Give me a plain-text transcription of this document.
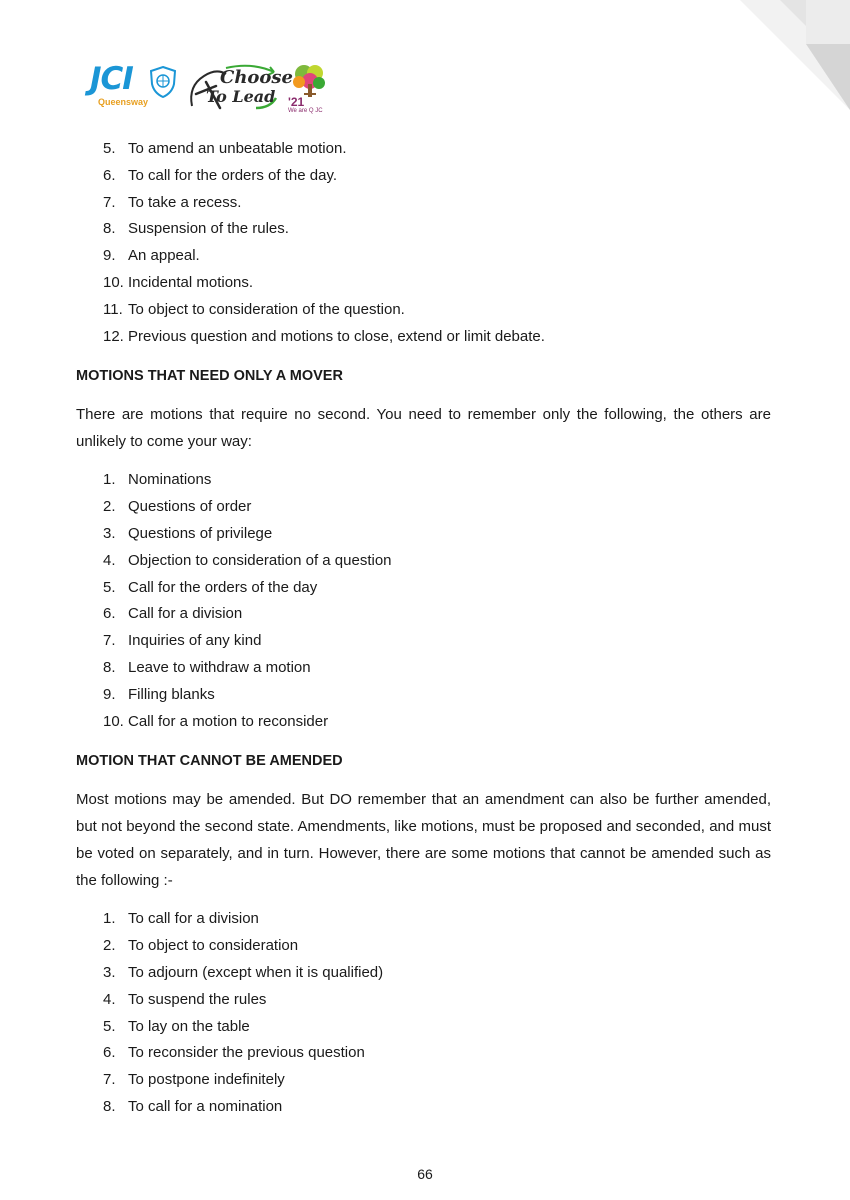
JCI
Queensway
Choose
To Lead '21
We are Q JC
5. To amend an unbeatable motion.
6. To call for the orders of the day.
7. To take a recess.
8. Suspension of the rules.
9. An appeal.
10. Incidental motions.
11. To object to consideration of the question.
12. Previous question and motions to close, extend or limit debate.
MOTIONS THAT NEED ONLY A MOVER

There are motions that require no second. You need to remember only the following, the others are unlikely to come your way:

1. Nominations
2. Questions of order
3. Questions of privilege
4. Objection to consideration of a question
5. Call for the orders of the day
6. Call for a division
7. Inquiries of any kind
8. Leave to withdraw a motion
9. Filling blanks
10. Call for a motion to reconsider
MOTION THAT CANNOT BE AMENDED

Most motions may be amended. But DO remember that an amendment can also be further amended, but not beyond the second state. Amendments, like motions, must be proposed and seconded, and must be voted on separately, and in turn. However, there are some motions that cannot be amended such as the following :-

1. To call for a division
2. To object to consideration
3. To adjourn (except when it is qualified)
4. To suspend the rules
5. To lay on the table
6. To reconsider the previous question
7. To postpone indefinitely
8. To call for a nomination
66
